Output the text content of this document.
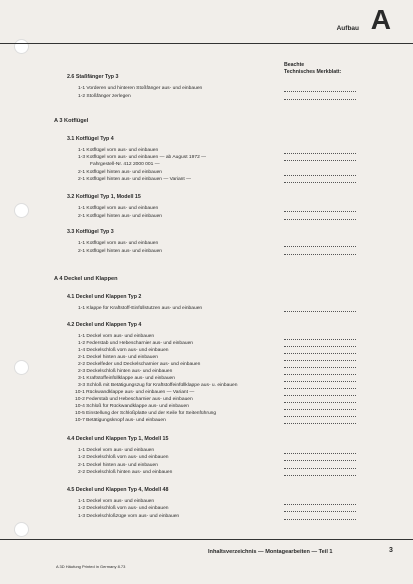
Aufbau A
Beachte
Technisches Merkblatt:
2.6 Staßfänger Typ 3
1-1 Vorderen und hinteren Stoßfänger aus- und einbauen
1-2 Stoßfänger zerlegen
A 3 Kotflügel
3.1 Kotflügel Typ 4
1-1 Kotflügel vorn aus- und einbauen
1-3 Kotflügel vorn aus- und einbauen — ab August 1972 —
Fahrgestell-Nr. 412 2000 001 —
2-1 Kotflügel hinten aus- und einbauen
2-1 Kotflügel hinten aus- und einbauen — Variant —
3.2 Kotflügel Typ 1, Modell 15
1-1 Kotflügel vorn aus- und einbauen
2-1 Kotflügel hinten aus- und einbauen
3.3 Kotflügel Typ 3
1-1 Kotflügel vorn aus- und einbauen
2-1 Kotflügel hinten aus- und einbauen
A 4 Deckel und Klappen
4.1 Deckel und Klappen Typ 2
1-1 Klappe für Kraftstoff-Einfüllstutzen aus- und einbauen
4.2 Deckel und Klappen Typ 4
1-1 Deckel vorn aus- und einbauen
1-2 Federstab und Hebescharnier aus- und einbauen
1-4 Deckelschloß vorn aus- und einbauen
2-1 Deckel hinten aus- und einbauen
2-2 Deckelfeder und Deckelscharnier aus- und einbauen
2-3 Deckelschloß hinten aus- und einbauen
3-1 Kraftstoffeinfüllklappe aus- und einbauen
3-3 Schloß mit Betätigungszug für Kraftstoffeinfüllklappe aus- u. einbauen
10-1 Rückwandklappe aus- und einbauen — Variant —
10-2 Federstab und Hebescharnier aus- und einbauen
10-4 Schloß für Rückwandklappe aus- und einbauen
10-5 Einstellung der Schloßplatte und der Keile für Seitenführung
10-7 Betätigungsknopf aus- und einbauen
4.4 Deckel und Klappen Typ 1, Modell 15
1-1 Deckel vorn aus- und einbauen
1-2 Deckelschloß vorn aus- und einbauen
2-1 Deckel hinten aus- und einbauen
2-2 Deckelschloß hinten aus- und einbauen
4.5 Deckel und Klappen Typ 4, Modell 48
1-1 Deckel vorn aus- und einbauen
1-2 Deckelschloß vorn aus- und einbauen
1-3 Deckelschloßzüge vorn aus- und einbauen
Inhaltsverzeichnis — Montagearbeiten — Teil 1	3
A 3D Häufung Printed in Germany 8.73
